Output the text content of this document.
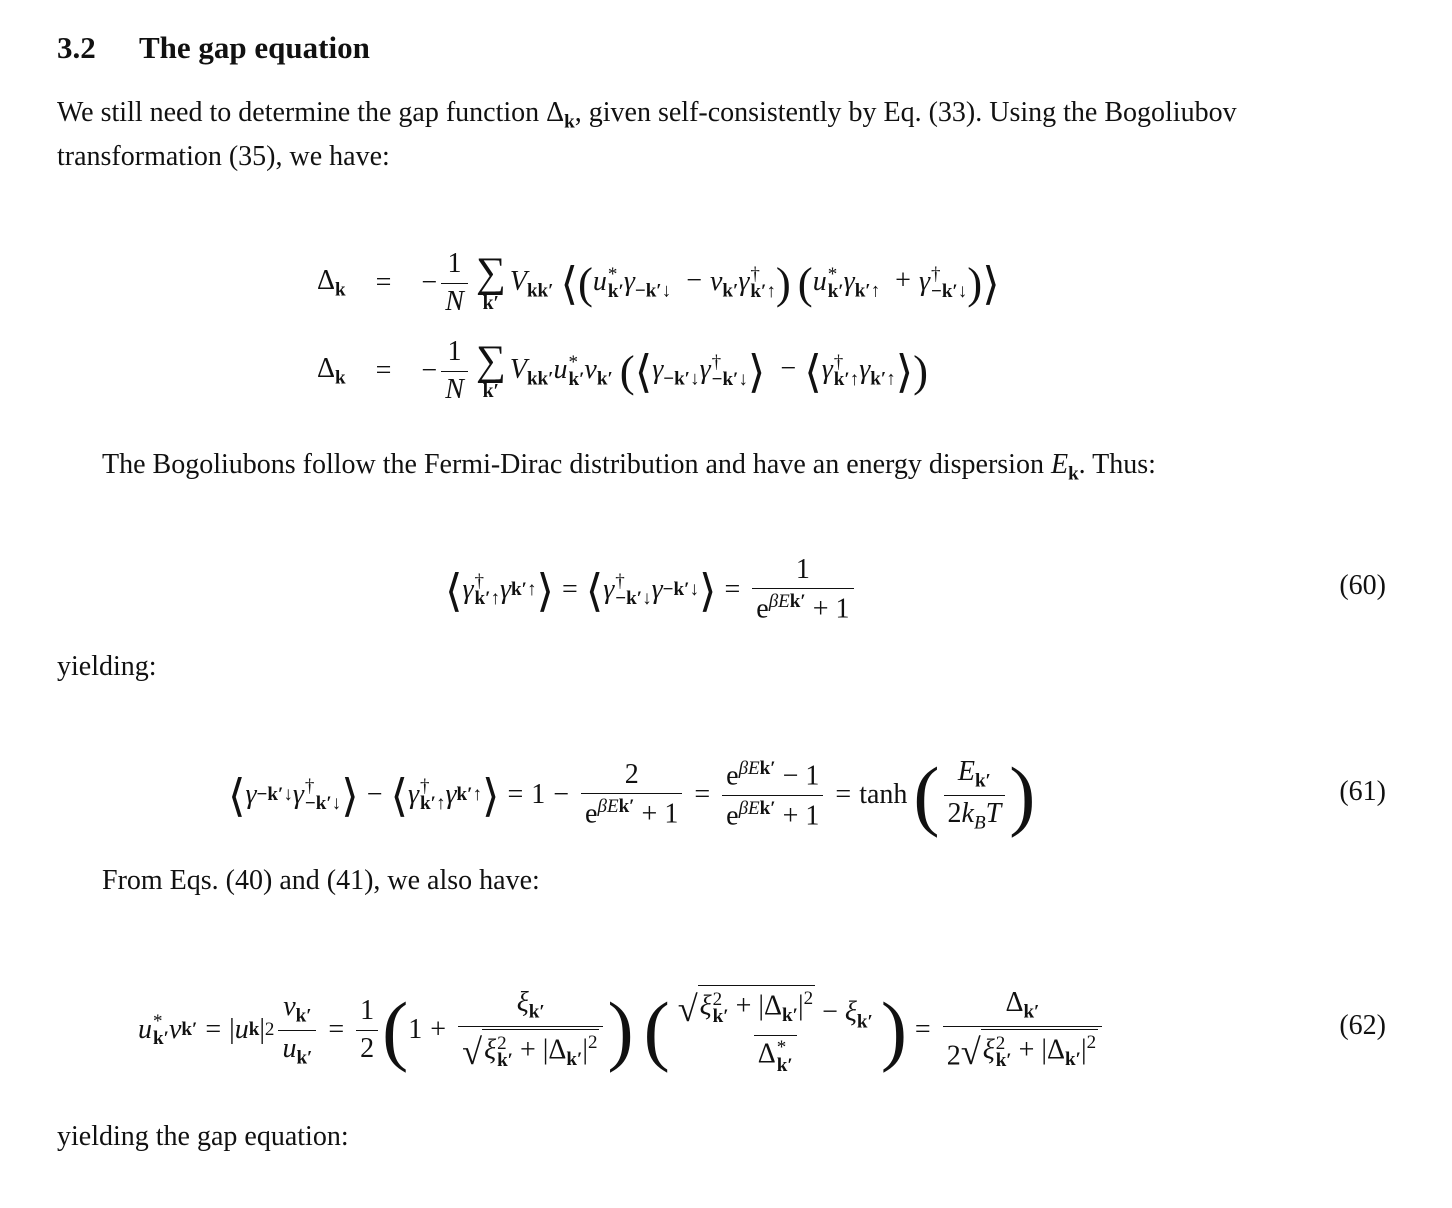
3.2 The gap equation
We still need to determine the gap function $\Delta_k$, given self-consistently by Eq. (33). Using the Bogoliubov
transformation (35), we have:
$\Delta_k$ = − $\frac{1}{N}$ ∑
k′
$V_{kk'}$ ⟨(u *
k′ $\gamma_{-k'↓} - v_{k'}\gamma$ †
k′↑ ) (u *
k′ $\gamma_{k'↑} + \gamma$ †
−k′↓ )⟩
$\Delta_k$ = − $\frac{1}{N}$ ∑
k′
$V_{kk'}u$ *
k′ $v_{k'}$ ($⟨\gamma_{-k'↓}\gamma$ †
−k′↓ ⟩ − ⟨γ †
k′↑ $\gamma_{k'↑}⟩$)
The Bogoliubons follow the Fermi-Dirac distribution and have an energy dispersion $E_k$. Thus:
⟨ γ †
k′↑ γ k′↑ ⟩ = ⟨ γ †
−k′↓ γ −k′↓ ⟩ = $\frac{1}{e^{\beta Ek'} + 1}$	(60)
yielding:
⟨ γ −k′↓ γ †
−k′↓ ⟩ − ⟨ γ †
k′↑ γ k′↑ ⟩ = $1 - \frac{2}{e^{\beta Ek'} + 1} = \frac{e^{\beta Ek'} - 1}{e^{\beta Ek'} + 1} = \tanh$ ( $\frac{E_{k'}}{2k_BT}$ )	(61)
From Eqs. (40) and (41), we also have:
u *
k′ v k′ = | u k | $2 \frac{v_{k'}}{u_{k'}} = \frac{1}{2}$ ( $1 + \xi_{k'}$
√ ξ 2
$k' + |\Delta_{k'}|^2$ ) ( √ ξ 2
$k' + |\Delta_{k'}|^2 - \xi_{k'}$
Δ *
k′ ) = $\Delta_{k'}$
2 √ ξ 2
$k' + |\Delta_{k'}|^2$	(62)
yielding the gap equation:
